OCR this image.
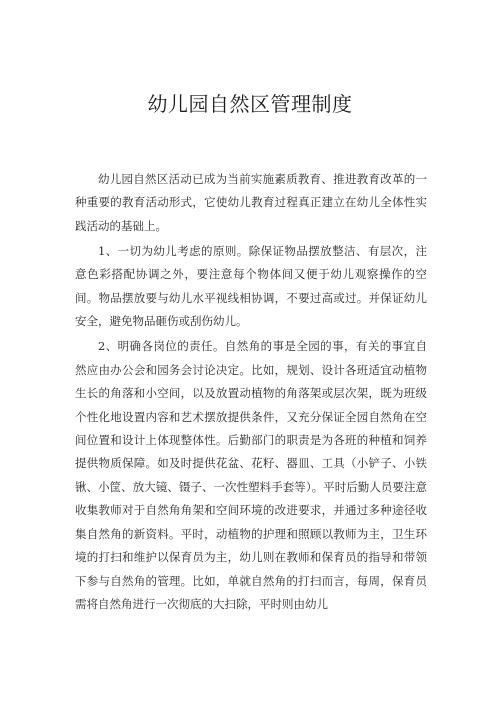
幼儿园自然区管理制度

幼儿园自然区活动已成为当前实施素质教育、推进教育改革的一种重要的教育活动形式，它使幼儿教育过程真正建立在幼儿全体性实践活动的基础上。

1、一切为幼儿考虑的原则。除保证物品摆放整洁、有层次，注意色彩搭配协调之外，要注意每个物体间又便于幼儿观察操作的空间。物品摆放要与幼儿水平视线相协调，不要过高或过。并保证幼儿安全，避免物品砸伤或刮伤幼儿。

2、明确各岗位的责任。自然角的事是全园的事，有关的事宜自然应由办公会和园务会讨论决定。比如，规划、设计各班适宜动植物生长的角落和小空间，以及放置动植物的角落架或层次架，既为班级个性化地设置内容和艺术摆放提供条件，又充分保证全园自然角在空间位置和设计上体现整体性。后勤部门的职责是为各班的种植和饲养提供物质保障。如及时提供花盆、花籽、器皿、工具（小铲子、小铁锹、小筐、放大镜、镊子、一次性塑料手套等）。平时后勤人员要注意收集教师对于自然角角架和空间环境的改进要求，并通过多种途径收集自然角的新资料。平时，动植物的护理和照顾以教师为主，卫生环境的打扫和维护以保育员为主，幼儿则在教师和保育员的指导和带领下参与自然角的管理。比如，单就自然角的打扫而言，每周，保育员需将自然角进行一次彻底的大扫除，平时则由幼儿
